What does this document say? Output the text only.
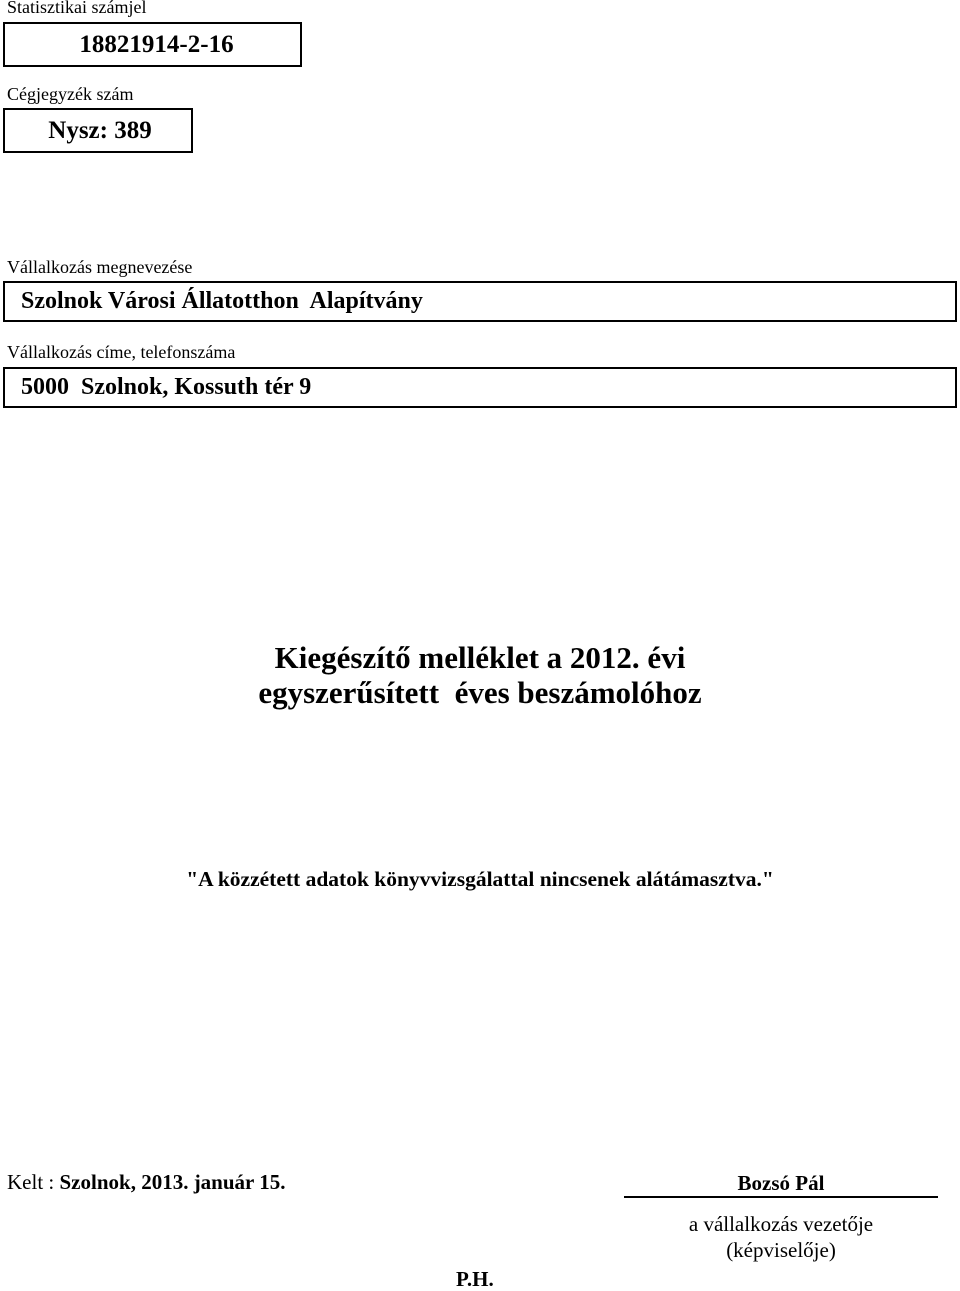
Statisztikai számjel
18821914-2-16
Cégjegyzék szám
Nysz: 389
Vállalkozás megnevezése
Szolnok Városi Állatotthon  Alapítvány
Vállalkozás címe, telefonszáma
5000  Szolnok, Kossuth tér 9
Kiegészítő melléklet a 2012. évi
egyszerűsített  éves beszámolóhoz
"A közzétett adatok könyvvizsgálattal nincsenek alátámasztva."
Kelt : Szolnok, 2013. január 15.	Bozsó Pál
a vállalkozás vezetője
(képviselője)
P.H.
